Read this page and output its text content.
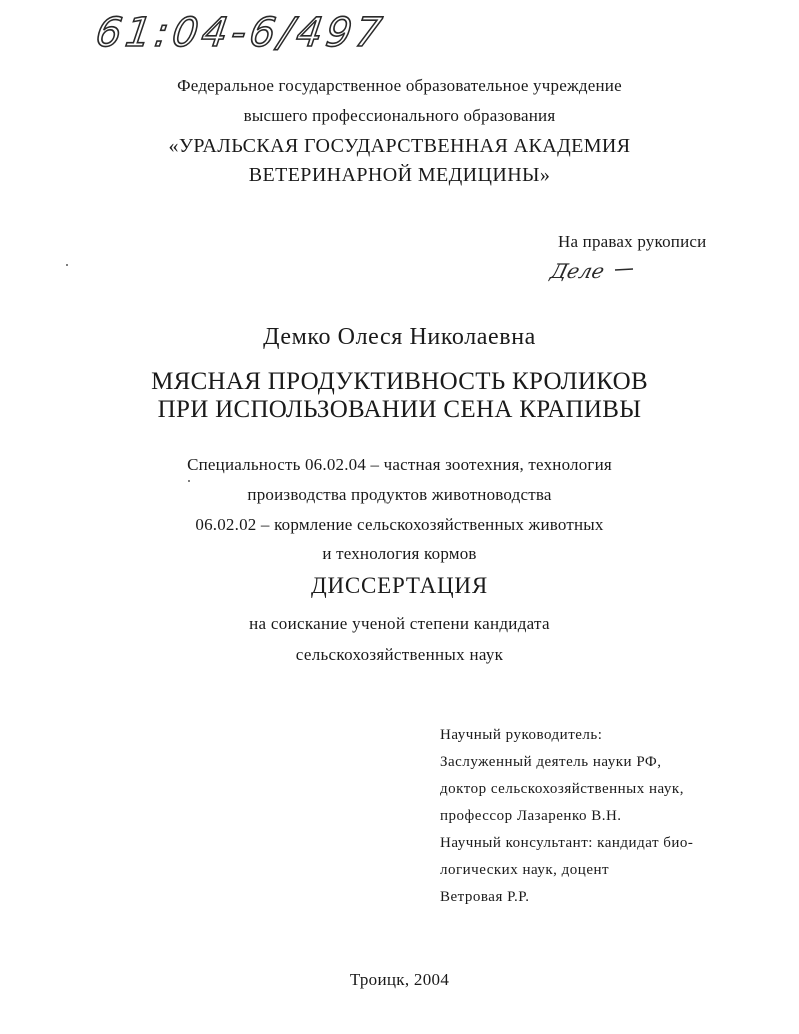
61:04-6/497
Федеральное государственное образовательное учреждение
высшего профессионального образования
«УРАЛЬСКАЯ ГОСУДАРСТВЕННАЯ АКАДЕМИЯ
ВЕТЕРИНАРНОЙ МЕДИЦИНЫ»
На правах рукописи
Деле
Демко Олеся Николаевна
МЯСНАЯ ПРОДУКТИВНОСТЬ КРОЛИКОВ
ПРИ ИСПОЛЬЗОВАНИИ СЕНА КРАПИВЫ
Специальность 06.02.04 – частная зоотехния, технология
производства продуктов животноводства
06.02.02 – кормление сельскохозяйственных животных
и технология кормов
ДИССЕРТАЦИЯ
на соискание ученой степени кандидата
сельскохозяйственных наук
Научный руководитель:
Заслуженный деятель науки РФ,
доктор сельскохозяйственных наук,
профессор Лазаренко В.Н.
Научный консультант: кандидат био-
логических наук, доцент
Ветровая Р.Р.
Троицк, 2004
